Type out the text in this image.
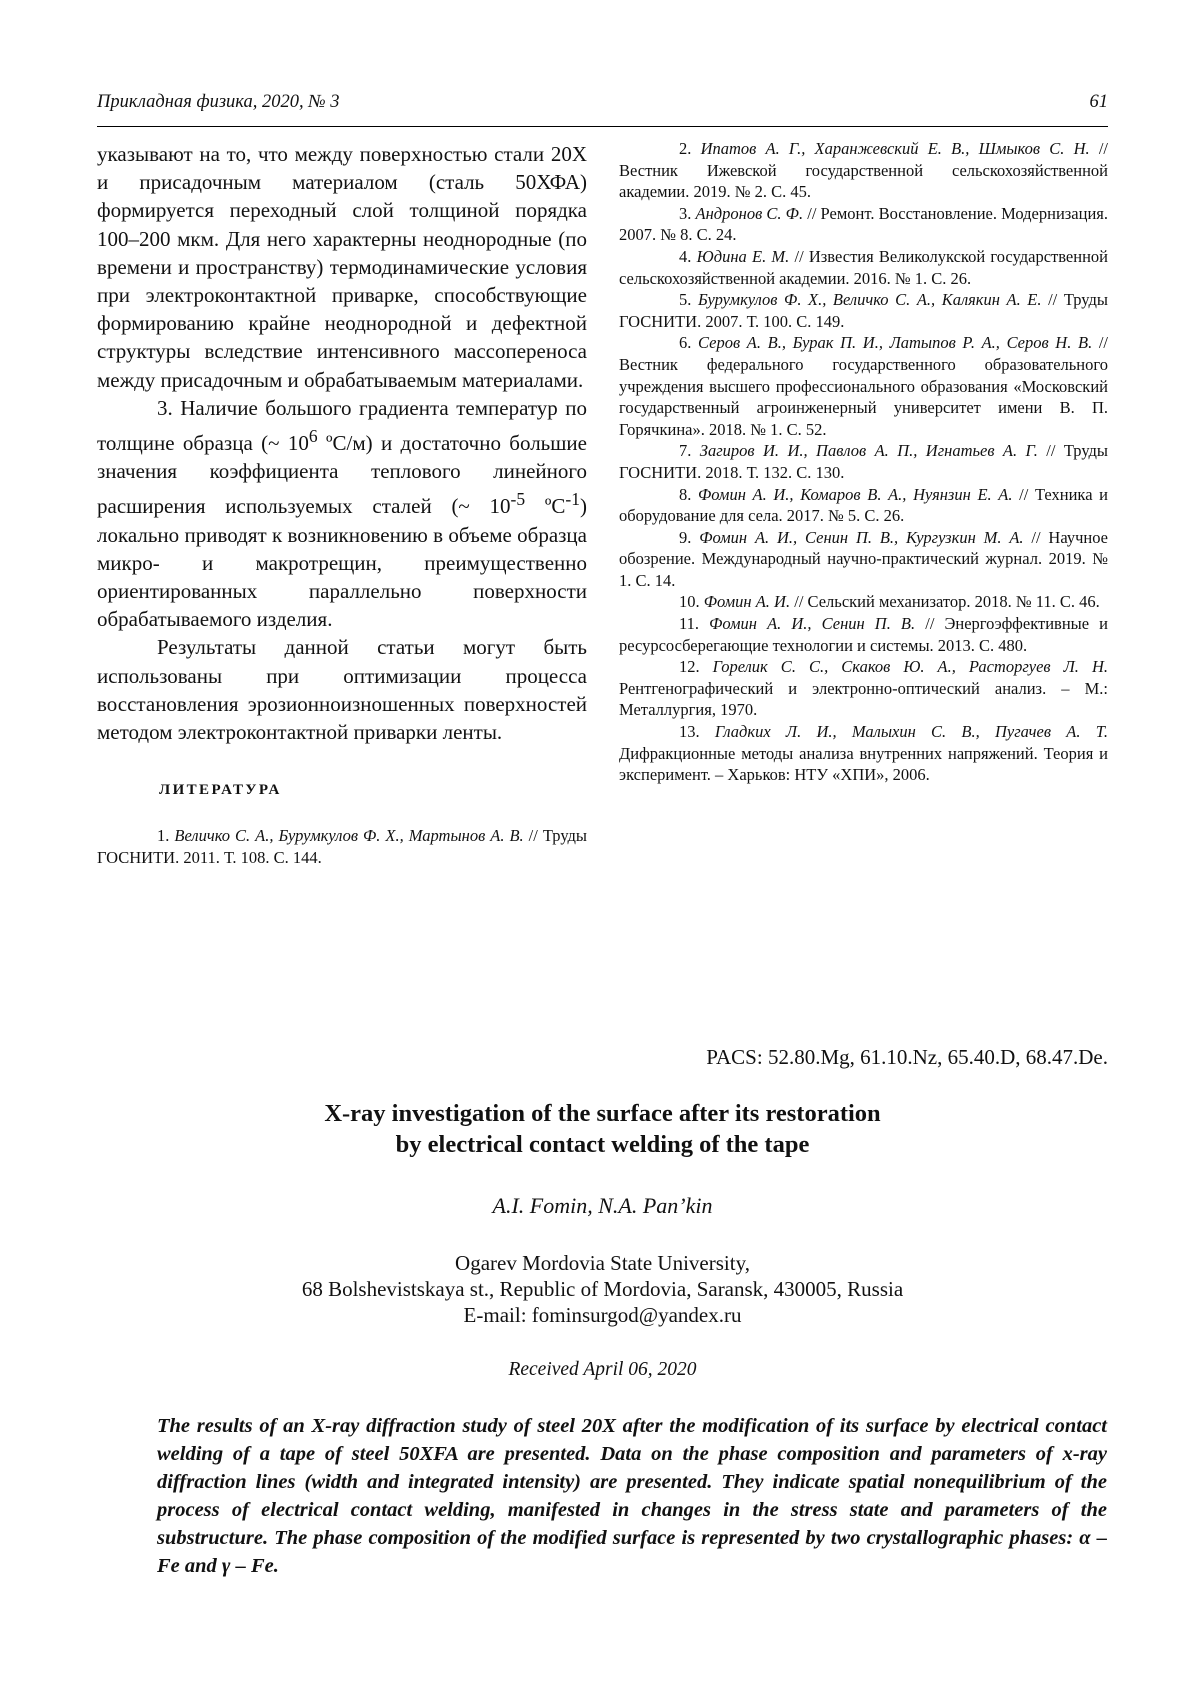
Прикладная физика, 2020, № 3	61

указывают на то, что между поверхностью стали 20Х и присадочным материалом (сталь 50ХФА) формируется переходный слой толщиной порядка 100–200 мкм. Для него характерны неоднородные (по времени и пространству) термодинамические условия при электроконтактной приварке, способствующие формированию крайне неоднородной и дефектной структуры вследствие интенсивного массопереноса между присадочным и обрабатываемым материалами.

3. Наличие большого градиента температур по толщине образца (~ $10^6$ ºС/м) и достаточно большие значения коэффициента теплового линейного расширения используемых сталей (~ $10^{-5}$ ºС$^{-1}$) локально приводят к возникновению в объеме образца микро- и макротрещин, преимущественно ориентированных параллельно поверхности обрабатываемого изделия.

Результаты данной статьи могут быть использованы при оптимизации процесса восстановления эрозионноизношенных поверхностей методом электроконтактной приварки ленты.

ЛИТЕРАТУРА
1. Величко С. А., Бурумкулов Ф. Х., Мартынов А. В. // Труды ГОСНИТИ. 2011. Т. 108. С. 144.

2. Ипатов А. Г., Харанжевский Е. В., Шмыков С. Н. // Вестник Ижевской государственной сельскохозяйственной академии. 2019. № 2. С. 45.

3. Андронов С. Ф. // Ремонт. Восстановление. Модернизация. 2007. № 8. С. 24.

4. Юдина Е. М. // Известия Великолукской государственной сельскохозяйственной академии. 2016. № 1. С. 26.

5. Бурумкулов Ф. Х., Величко С. А., Калякин А. Е. // Труды ГОСНИТИ. 2007. Т. 100. С. 149.

6. Серов А. В., Бурак П. И., Латыпов Р. А., Серов Н. В. // Вестник федерального государственного образовательного учреждения высшего профессионального образования «Московский государственный агроинженерный университет имени В. П. Горячкина». 2018. № 1. С. 52.

7. Загиров И. И., Павлов А. П., Игнатьев А. Г. // Труды ГОСНИТИ. 2018. Т. 132. С. 130.

8. Фомин А. И., Комаров В. А., Нуянзин Е. А. // Техника и оборудование для села. 2017. № 5. С. 26.

9. Фомин А. И., Сенин П. В., Кургузкин М. А. // Научное обозрение. Международный научно-практический журнал. 2019. № 1. С. 14.

10. Фомин А. И. // Сельский механизатор. 2018. № 11. С. 46.

11. Фомин А. И., Сенин П. В. // Энергоэффективные и ресурсосберегающие технологии и системы. 2013. С. 480.

12. Горелик С. С., Скаков Ю. А., Расторгуев Л. Н. Рентгенографический и электронно-оптический анализ. – М.: Металлургия, 1970.

13. Гладких Л. И., Малыхин С. В., Пугачев А. Т. Дифракционные методы анализа внутренних напряжений. Теория и эксперимент. – Харьков: НТУ «ХПИ», 2006.

PACS: 52.80.Mg, 61.10.Nz, 65.40.D, 68.47.De.
X-ray investigation of the surface after its restoration
by electrical contact welding of the tape
A.I. Fomin, N.A. Pan’kin
Ogarev Mordovia State University,
68 Bolshevistskaya st., Republic of Mordovia, Saransk, 430005, Russia
E-mail: fominsurgod@yandex.ru
Received April 06, 2020

The results of an X-ray diffraction study of steel 20X after the modification of its surface by electrical contact welding of a tape of steel 50XFA are presented. Data on the phase composition and parameters of x-ray diffraction lines (width and integrated intensity) are presented. They indicate spatial nonequilibrium of the process of electrical contact welding, manifested in changes in the stress state and parameters of the substructure. The phase composition of the modified surface is represented by two crystallographic phases: α – Fe and γ – Fe.
